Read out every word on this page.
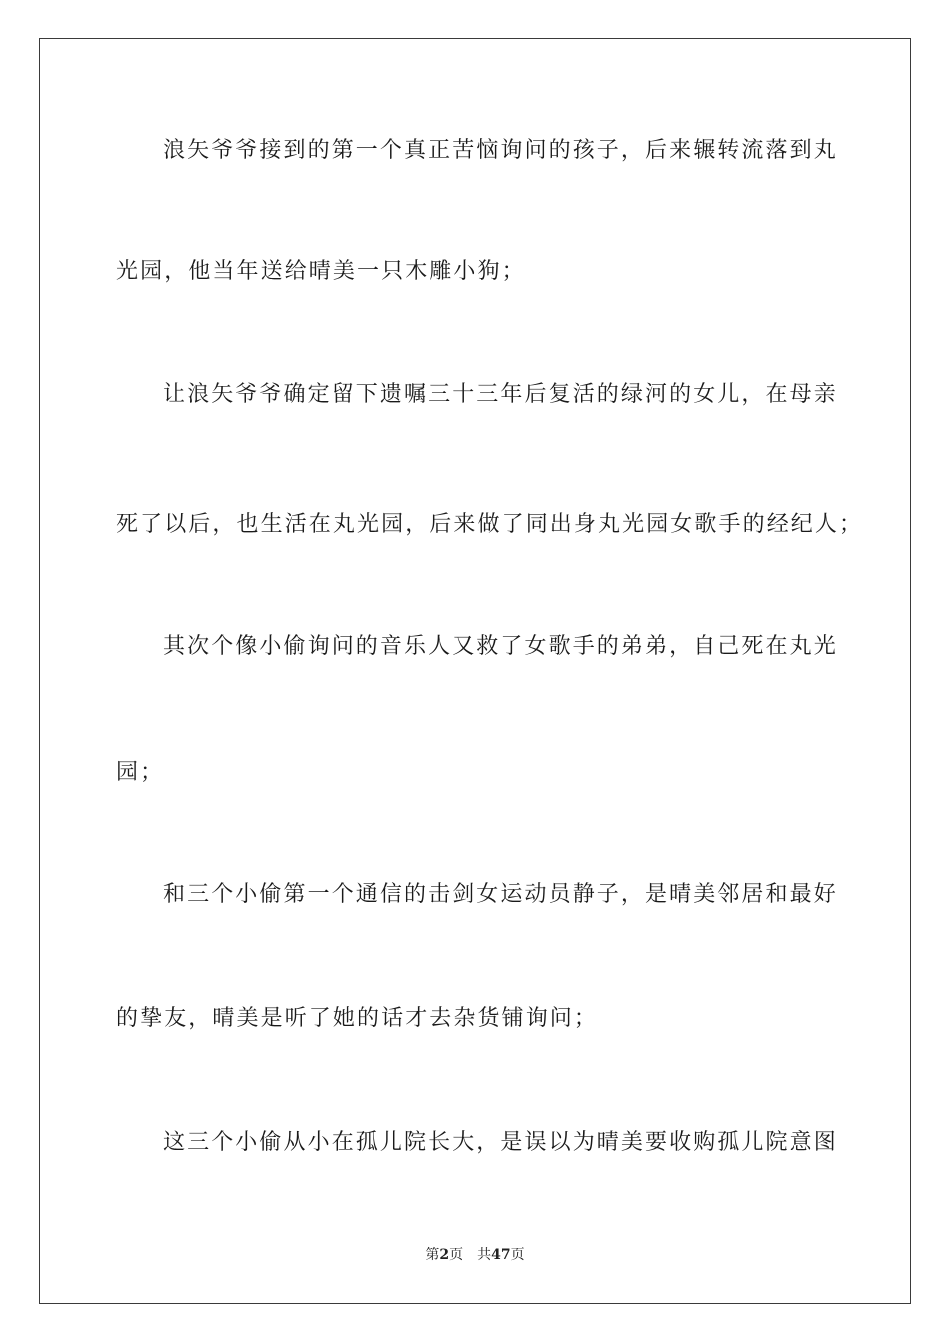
浪矢爷爷接到的第一个真正苦恼询问的孩子，后来辗转流落到丸
光园，他当年送给晴美一只木雕小狗；
让浪矢爷爷确定留下遗嘱三十三年后复活的绿河的女儿，在母亲
死了以后，也生活在丸光园，后来做了同出身丸光园女歌手的经纪人；
其次个像小偷询问的音乐人又救了女歌手的弟弟，自己死在丸光
园；
和三个小偷第一个通信的击剑女运动员静子，是晴美邻居和最好
的挚友，晴美是听了她的话才去杂货铺询问；
这三个小偷从小在孤儿院长大，是误以为晴美要收购孤儿院意图
第2页 共47页
